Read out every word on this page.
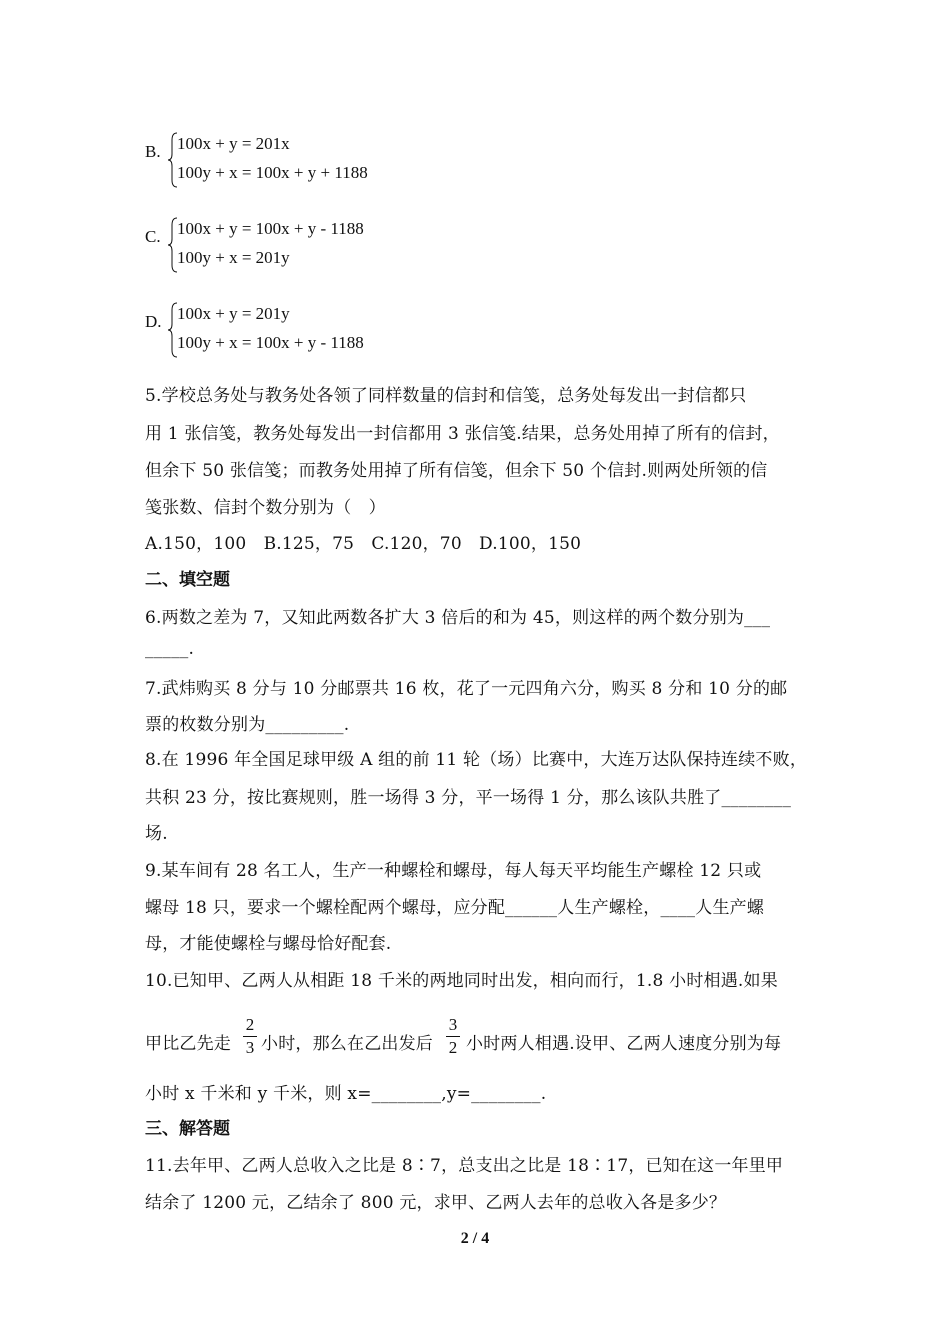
B. 100x + y = 201x
100y + x = 100x + y + 1188
C. 100x + y = 100x + y - 1188
100y + x = 201y
D. 100x + y = 201y
100y + x = 100x + y - 1188
5.学校总务处与教务处各领了同样数量的信封和信笺，总务处每发出一封信都只
用 1 张信笺，教务处每发出一封信都用 3 张信笺.结果，总务处用掉了所有的信封，
但余下 50 张信笺；而教务处用掉了所有信笺，但余下 50 个信封.则两处所领的信
笺张数、信封个数分别为（　）
A.150，100　B.125，75　C.120，70　D.100，150
二、填空题
6.两数之差为 7，又知此两数各扩大 3 倍后的和为 45，则这样的两个数分别为___
_____.
7.武炜购买 8 分与 10 分邮票共 16 枚，花了一元四角六分，购买 8 分和 10 分的邮
票的枚数分别为_________.
8.在 1996 年全国足球甲级 A 组的前 11 轮（场）比赛中，大连万达队保持连续不败，
共积 23 分，按比赛规则，胜一场得 3 分，平一场得 1 分，那么该队共胜了________
场.
9.某车间有 28 名工人，生产一种螺栓和螺母，每人每天平均能生产螺栓 12 只或
螺母 18 只，要求一个螺栓配两个螺母，应分配______人生产螺栓，____人生产螺
母，才能使螺栓与螺母恰好配套.
10.已知甲、乙两人从相距 18 千米的两地同时出发，相向而行，1.8 小时相遇.如果
甲比乙先走
2
3 小时，那么在乙出发后
3
2 小时两人相遇.设甲、乙两人速度分别为每
小时 x 千米和 y 千米，则 x=________,y=________.
三、解答题
11.去年甲、乙两人总收入之比是 8∶7，总支出之比是 18∶17，已知在这一年里甲
结余了 1200 元，乙结余了 800 元，求甲、乙两人去年的总收入各是多少？
2 / 4
